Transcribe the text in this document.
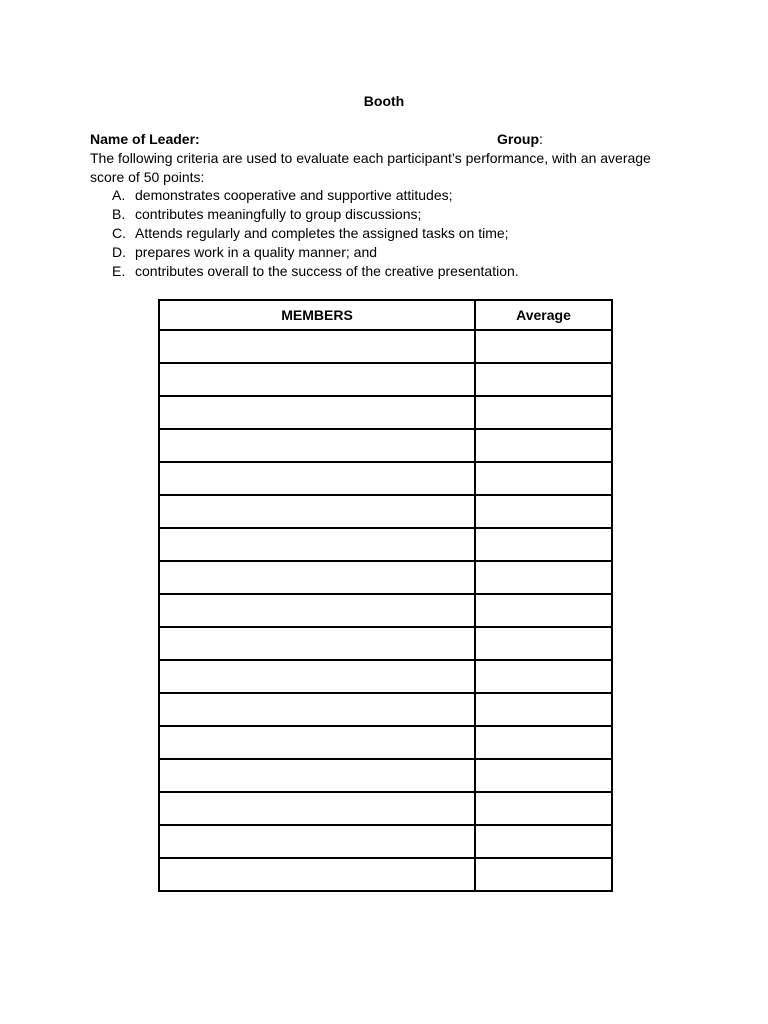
Booth
Name of Leader:	Group:
The following criteria are used to evaluate each participant’s performance, with an average score of 50 points:
A. demonstrates cooperative and supportive attitudes;
B. contributes meaningfully to group discussions;
C. Attends regularly and completes the assigned tasks on time;
D. prepares work in a quality manner; and
E. contributes overall to the success of the creative presentation.
MEMBERS	Average
